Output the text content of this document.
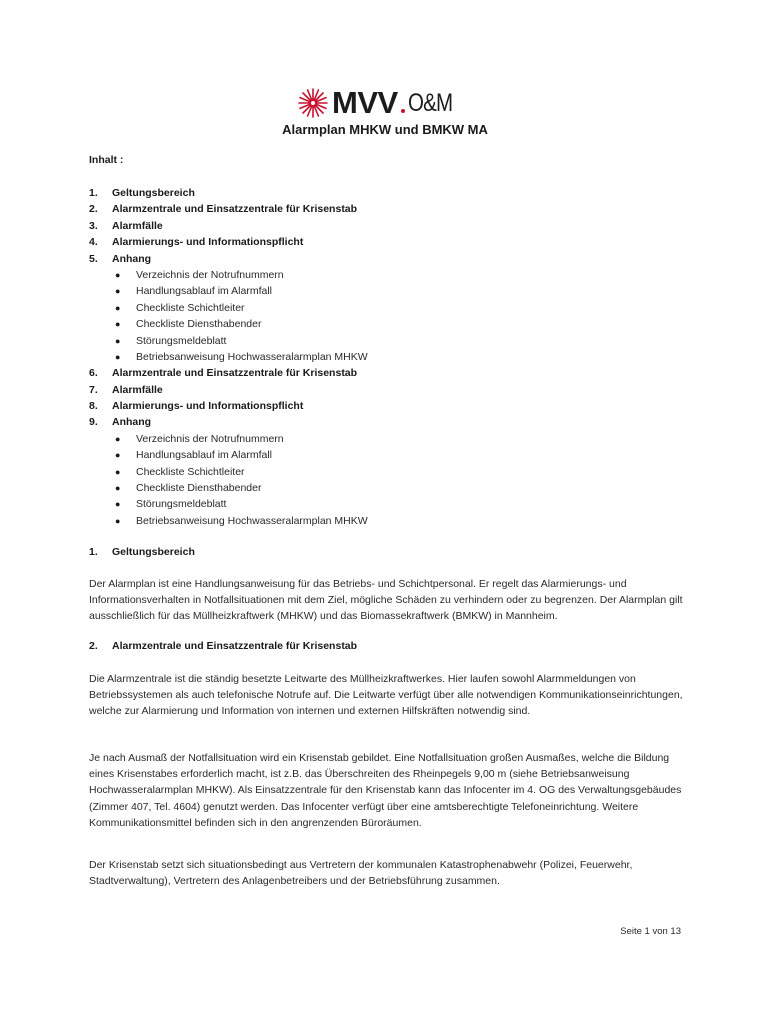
MVV O&M
Alarmplan MHKW und BMKW MA
Inhalt :
1. Geltungsbereich
2. Alarmzentrale und Einsatzzentrale für Krisenstab
3. Alarmfälle
4. Alarmierungs- und Informationspflicht
5. Anhang
● Verzeichnis der Notrufnummern
● Handlungsablauf im Alarmfall
● Checkliste Schichtleiter
● Checkliste Diensthabender
● Störungsmeldeblatt
● Betriebsanweisung Hochwasseralarmplan MHKW
6. Alarmzentrale und Einsatzzentrale für Krisenstab
7. Alarmfälle
8. Alarmierungs- und Informationspflicht
9. Anhang
● Verzeichnis der Notrufnummern
● Handlungsablauf im Alarmfall
● Checkliste Schichtleiter
● Checkliste Diensthabender
● Störungsmeldeblatt
● Betriebsanweisung Hochwasseralarmplan MHKW
1. Geltungsbereich
Der Alarmplan ist eine Handlungsanweisung für das Betriebs- und Schichtpersonal. Er regelt das Alarmierungs- und Informationsverhalten in Notfallsituationen mit dem Ziel, mögliche Schäden zu verhindern oder zu begrenzen. Der Alarmplan gilt ausschließlich für das Müllheizkraftwerk (MHKW) und das Biomassekraftwerk (BMKW) in Mannheim.
2. Alarmzentrale und Einsatzzentrale für Krisenstab
Die Alarmzentrale ist die ständig besetzte Leitwarte des Müllheizkraftwerkes. Hier laufen sowohl Alarmmeldungen von Betriebssystemen als auch telefonische Notrufe auf. Die Leitwarte verfügt über alle notwendigen Kommunikationseinrichtungen, welche zur Alarmierung und Information von internen und externen Hilfskräften notwendig sind.
Je nach Ausmaß der Notfallsituation wird ein Krisenstab gebildet. Eine Notfallsituation großen Ausmaßes, welche die Bildung eines Krisenstabes erforderlich macht, ist z.B. das Überschreiten des Rheinpegels 9,00 m (siehe Betriebsanweisung Hochwasseralarmplan MHKW). Als Einsatzzentrale für den Krisenstab kann das Infocenter im 4. OG des Verwaltungsgebäudes (Zimmer 407, Tel. 4604) genutzt werden. Das Infocenter verfügt über eine amtsberechtigte Telefoneinrichtung. Weitere Kommunikationsmittel befinden sich in den angrenzenden Büroräumen.
Der Krisenstab setzt sich situationsbedingt aus Vertretern der kommunalen Katastrophenabwehr (Polizei, Feuerwehr, Stadtverwaltung), Vertretern des Anlagenbetreibers und der Betriebsführung zusammen.
Seite 1 von 13
